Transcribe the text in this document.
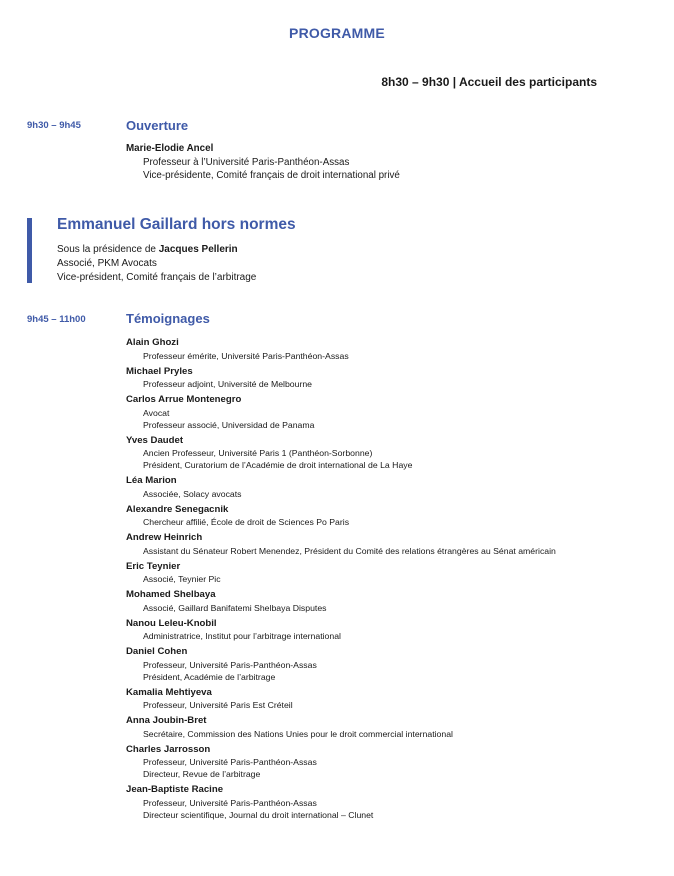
PROGRAMME
8h30 – 9h30 | Accueil des participants
9h30 – 9h45	Ouverture
Marie-Elodie Ancel
Professeur à l’Université Paris-Panthéon-Assas
Vice-présidente, Comité français de droit international privé
Emmanuel Gaillard hors normes
Sous la présidence de Jacques Pellerin
Associé, PKM Avocats
Vice-président, Comité français de l’arbitrage
9h45 – 11h00	Témoignages
Alain Ghozi
Professeur émérite, Université Paris-Panthéon-Assas
Michael Pryles
Professeur adjoint, Université de Melbourne
Carlos Arrue Montenegro
Avocat
Professeur associé, Universidad de Panama
Yves Daudet
Ancien Professeur, Université Paris 1 (Panthéon-Sorbonne)
Président, Curatorium de l’Académie de droit international de La Haye
Léa Marion
Associée, Solacy avocats
Alexandre Senegacnik
Chercheur affilié, École de droit de Sciences Po Paris
Andrew Heinrich
Assistant du Sénateur Robert Menendez, Président du Comité des relations étrangères au Sénat américain
Eric Teynier
Associé, Teynier Pic
Mohamed Shelbaya
Associé, Gaillard Banifatemi Shelbaya Disputes
Nanou Leleu-Knobil
Administratrice, Institut pour l’arbitrage international
Daniel Cohen
Professeur, Université Paris-Panthéon-Assas
Président, Académie de l’arbitrage
Kamalia Mehtiyeva
Professeur, Université Paris Est Créteil
Anna Joubin-Bret
Secrétaire, Commission des Nations Unies pour le droit commercial international
Charles Jarrosson
Professeur, Université Paris-Panthéon-Assas
Directeur, Revue de l’arbitrage
Jean-Baptiste Racine
Professeur, Université Paris-Panthéon-Assas
Directeur scientifique, Journal du droit international – Clunet
